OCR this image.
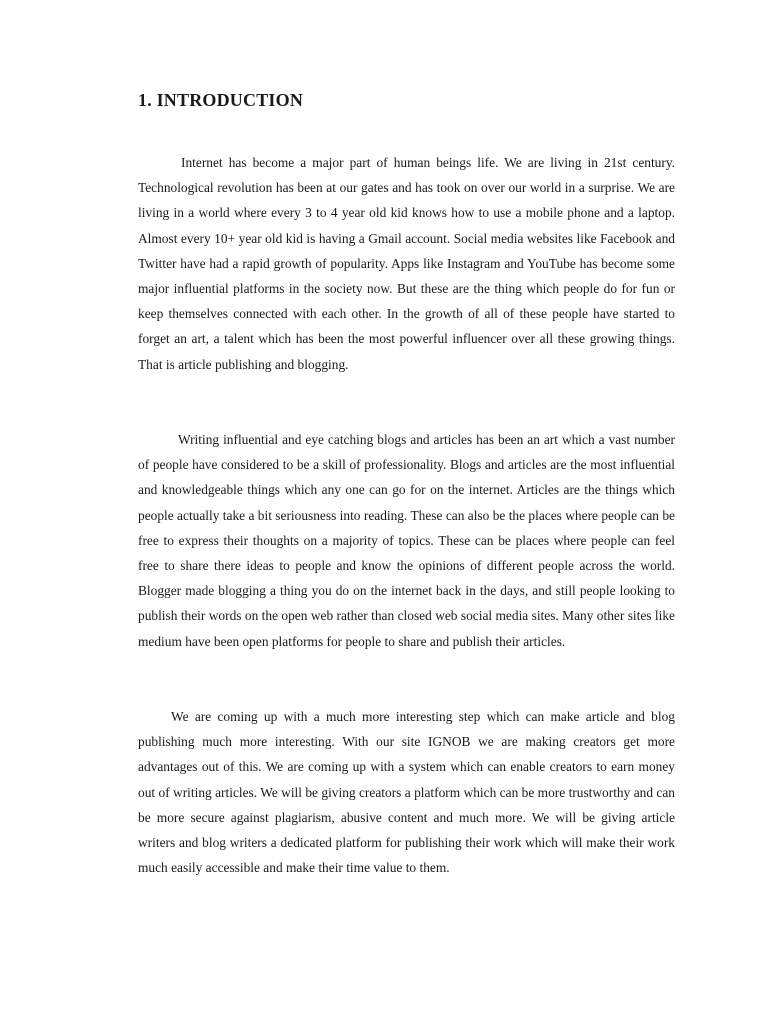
1. INTRODUCTION

Internet has become a major part of human beings life. We are living in 21st century. Technological revolution has been at our gates and has took on over our world in a surprise. We are living in a world where every 3 to 4 year old kid knows how to use a mobile phone and a laptop. Almost every 10+ year old kid is having a Gmail account. Social media websites like Facebook and Twitter have had a rapid growth of popularity. Apps like Instagram and YouTube has become some major influential platforms in the society now. But these are the thing which people do for fun or keep themselves connected with each other. In the growth of all of these people have started to forget an art, a talent which has been the most powerful influencer over all these growing things. That is article publishing and blogging.

Writing influential and eye catching blogs and articles has been an art which a vast number of people have considered to be a skill of professionality. Blogs and articles are the most influential and knowledgeable things which any one can go for on the internet. Articles are the things which people actually take a bit seriousness into reading. These can also be the places where people can be free to express their thoughts on a majority of topics. These can be places where people can feel free to share there ideas to people and know the opinions of different people across the world. Blogger made blogging a thing you do on the internet back in the days, and still people looking to publish their words on the open web rather than closed web social media sites. Many other sites like medium have been open platforms for people to share and publish their articles.

We are coming up with a much more interesting step which can make article and blog publishing much more interesting. With our site IGNOB we are making creators get more advantages out of this. We are coming up with a system which can enable creators to earn money out of writing articles. We will be giving creators a platform which can be more trustworthy and can be more secure against plagiarism, abusive content and much more. We will be giving article writers and blog writers a dedicated platform for publishing their work which will make their work much easily accessible and make their time value to them.
